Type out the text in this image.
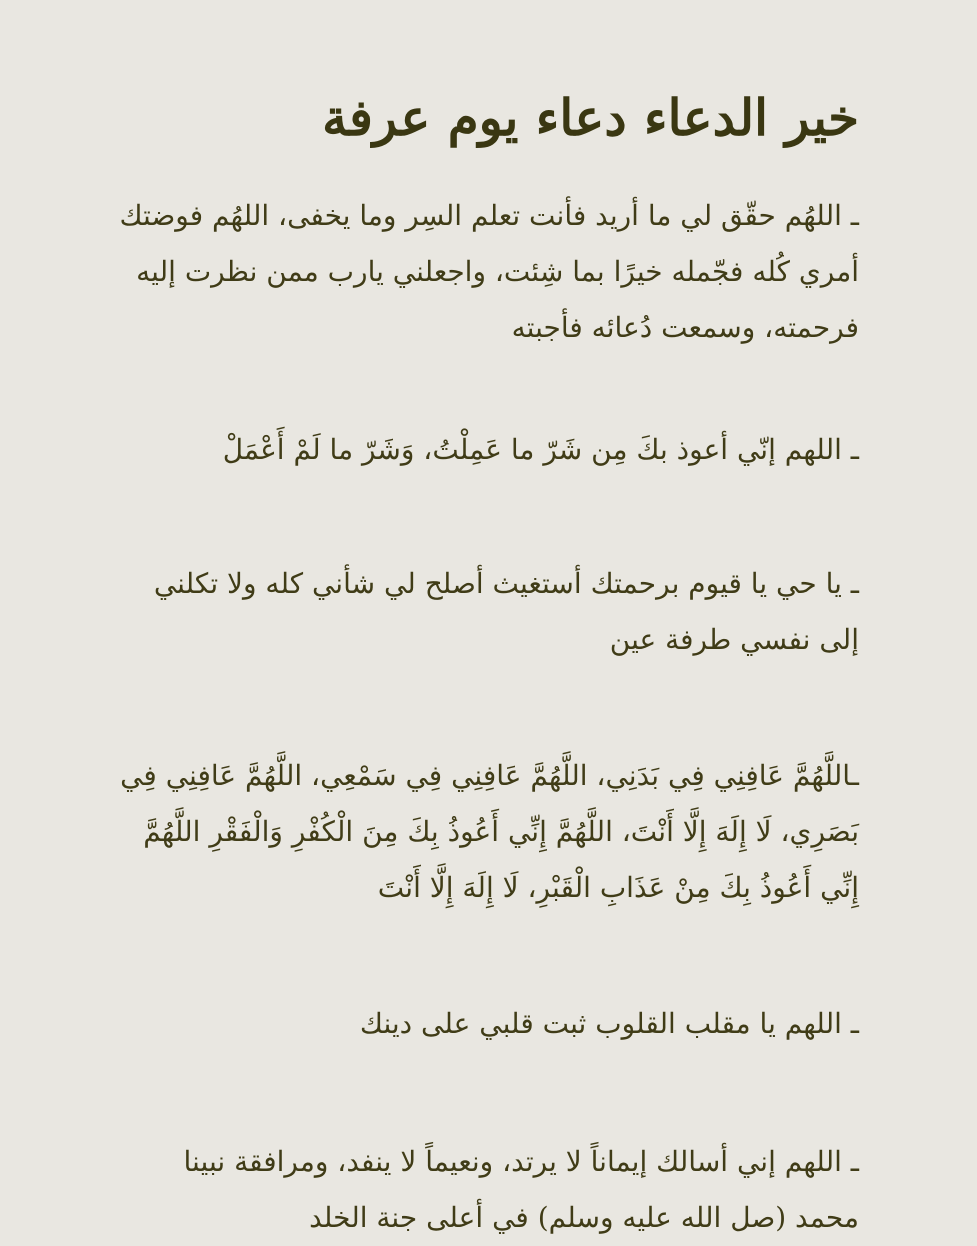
خير الدعاء دعاء يوم عرفة

ـ اللهُم حقّق لي ما أريد فأنت تعلم السِر وما يخفى، اللهُم فوضتك أمري كُله فجّمله خيرًا بما شِئت، واجعلني يارب ممن نظرت إليه فرحمته، وسمعت دُعائه فأجبته

ـ اللهم إنّي أعوذ بكَ مِن شَرّ ما عَمِلْتُ، وَشَرّ ما لَمْ أَعْمَلْ

ـ يا حي يا قيوم برحمتك أستغيث أصلح لي شأني كله ولا تكلني إلى نفسي طرفة عين

ـاللَّهُمَّ عَافِنِي فِي بَدَنِي، اللَّهُمَّ عَافِنِي فِي سَمْعِي، اللَّهُمَّ عَافِنِي فِي بَصَرِي، لَا إِلَهَ إِلَّا أَنْتَ، اللَّهُمَّ إِنِّي أَعُوذُ بِكَ مِنَ الْكُفْرِ وَالْفَقْرِ اللَّهُمَّ إِنِّي أَعُوذُ بِكَ مِنْ عَذَابِ الْقَبْرِ، لَا إِلَهَ إِلَّا أَنْتَ

ـ اللهم يا مقلب القلوب ثبت قلبي على دينك

ـ اللهم إني أسالك إيماناً لا يرتد، ونعيماً لا ينفد، ومرافقة نبينا محمد (صل الله عليه وسلم) في أعلى جنة الخلد
